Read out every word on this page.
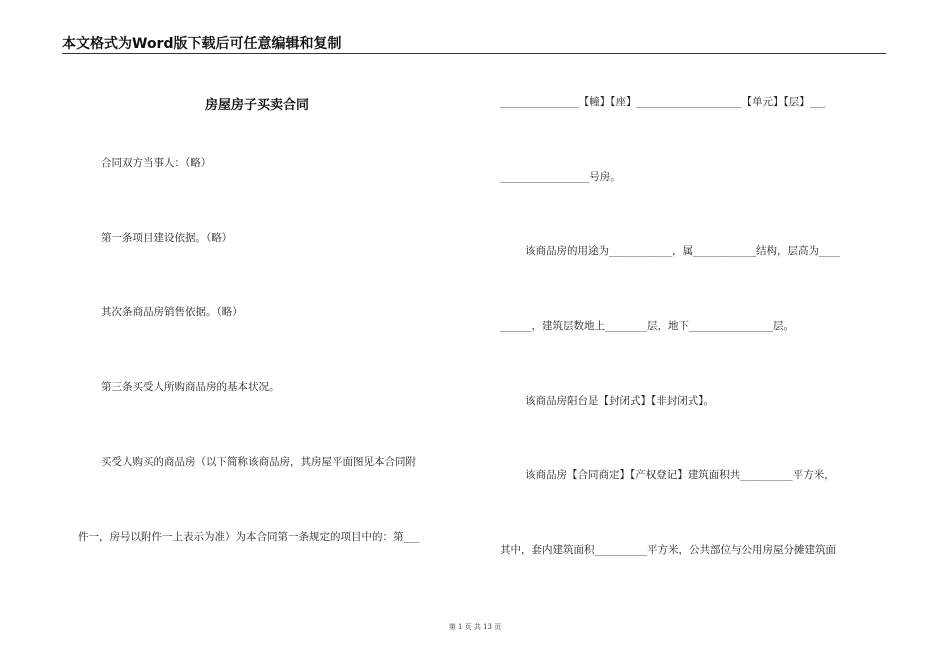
本文格式为Word版下载后可任意编辑和复制
房屋房子买卖合同
合同双方当事人：（略）
第一条项目建设依据。（略）
其次条商品房销售依据。（略）
第三条买受人所购商品房的基本状况。
买受人购买的商品房（以下简称该商品房，其房屋平面图见本合同附
件一，房号以附件一上表示为准）为本合同第一条规定的项目中的：第___
_______________【幢】【座】____________________【单元】【层】___
_________________号房。
该商品房的用途为____________，属____________结构，层高为____
______，建筑层数地上________层，地下________________层。
该商品房阳台是【封闭式】【非封闭式】。
该商品房【合同商定】【产权登记】建筑面积共__________平方米，
其中，套内建筑面积__________平方米，公共部位与公用房屋分摊建筑面
第 1 页 共 13 页
